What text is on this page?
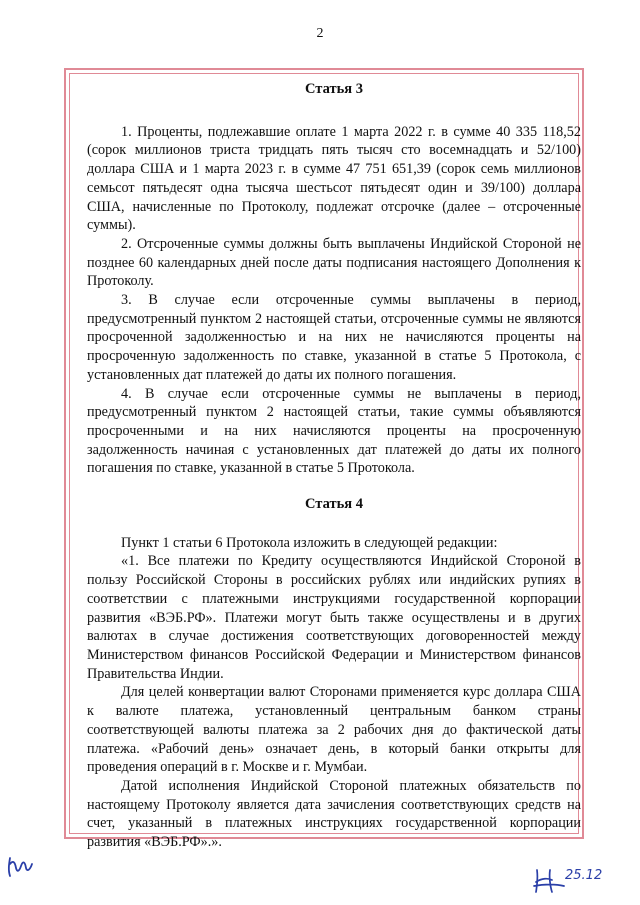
2
Статья 3

1. Проценты, подлежавшие оплате 1 марта 2022 г. в сумме 40 335 118,52 (сорок миллионов триста тридцать пять тысяч сто восемнадцать и 52/100) доллара США и 1 марта 2023 г. в сумме 47 751 651,39 (сорок семь миллионов семьсот пятьдесят одна тысяча шестьсот пятьдесят один и 39/100) доллара США, начисленные по Протоколу, подлежат отсрочке (далее – отсроченные суммы).

2. Отсроченные суммы должны быть выплачены Индийской Стороной не позднее 60 календарных дней после даты подписания настоящего Дополнения к Протоколу.

3. В случае если отсроченные суммы выплачены в период, предусмотренный пунктом 2 настоящей статьи, отсроченные суммы не являются просроченной задолженностью и на них не начисляются проценты на просроченную задолженность по ставке, указанной в статье 5 Протокола, с установленных дат платежей до даты их полного погашения.

4. В случае если отсроченные суммы не выплачены в период, предусмотренный пунктом 2 настоящей статьи, такие суммы объявляются просроченными и на них начисляются проценты на просроченную задолженность начиная с установленных дат платежей до даты их полного погашения по ставке, указанной в статье 5 Протокола.

Статья 4

Пункт 1 статьи 6 Протокола изложить в следующей редакции:

«1. Все платежи по Кредиту осуществляются Индийской Стороной в пользу Российской Стороны в российских рублях или индийских рупиях в соответствии с платежными инструкциями государственной корпорации развития «ВЭБ.РФ». Платежи могут быть также осуществлены и в других валютах в случае достижения соответствующих договоренностей между Министерством финансов Российской Федерации и Министерством финансов Правительства Индии.

Для целей конвертации валют Сторонами применяется курс доллара США к валюте платежа, установленный центральным банком страны соответствующей валюты платежа за 2 рабочих дня до фактической даты платежа. «Рабочий день» означает день, в который банки открыты для проведения операций в г. Москве и г. Мумбаи.

Датой исполнения Индийской Стороной платежных обязательств по настоящему Протоколу является дата зачисления соответствующих средств на счет, указанный в платежных инструкциях государственной корпорации развития «ВЭБ.РФ».».

25.12
